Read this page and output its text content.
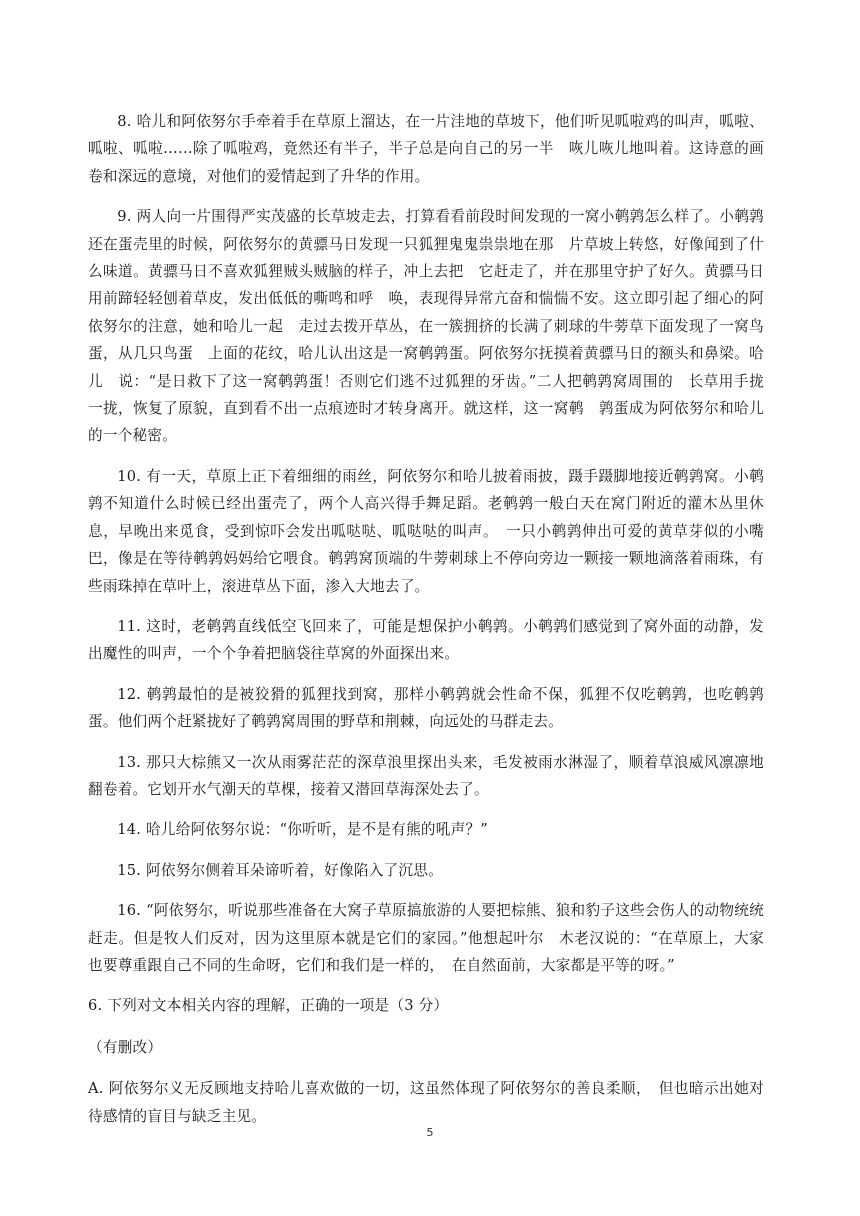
8. 哈儿和阿依努尔手牵着手在草原上溜达，在一片洼地的草坡下，他们听见呱啦鸡的叫声，呱啦、呱啦、呱啦……除了呱啦鸡，竟然还有半子，半子总是向自己的另一半　咴儿咴儿地叫着。这诗意的画卷和深远的意境，对他们的爱情起到了升华的作用。

9. 两人向一片围得严实茂盛的长草坡走去，打算看看前段时间发现的一窝小鹌鹑怎么样了。小鹌鹑还在蛋壳里的时候，阿依努尔的黄骠马日发现一只狐狸鬼鬼祟祟地在那　片草坡上转悠，好像闻到了什么味道。黄骠马日不喜欢狐狸贼头贼脑的样子，冲上去把　它赶走了，并在那里守护了好久。黄骠马日用前蹄轻轻刨着草皮，发出低低的嘶鸣和呼　唤，表现得异常亢奋和惴惴不安。这立即引起了细心的阿依努尔的注意，她和哈儿一起　走过去拨开草丛，在一簇拥挤的长满了刺球的牛蒡草下面发现了一窝鸟蛋，从几只鸟蛋　上面的花纹，哈儿认出这是一窝鹌鹑蛋。阿依努尔抚摸着黄骠马日的额头和鼻梁。哈儿　说：“是日救下了这一窝鹌鹑蛋！否则它们逃不过狐狸的牙齿。”二人把鹌鹑窝周围的　长草用手拢一拢，恢复了原貌，直到看不出一点痕迹时才转身离开。就这样，这一窝鹌　鹑蛋成为阿依努尔和哈儿的一个秘密。

10. 有一天，草原上正下着细细的雨丝，阿依努尔和哈儿披着雨披，蹑手蹑脚地接近鹌鹑窝。小鹌鹑不知道什么时候已经出蛋壳了，两个人高兴得手舞足蹈。老鹌鹑一般白天在窝门附近的灌木丛里休息，早晚出来觅食，受到惊吓会发出呱哒哒、呱哒哒的叫声。　一只小鹌鹑伸出可爱的黄草芽似的小嘴巴，像是在等待鹌鹑妈妈给它喂食。鹌鹑窝顶端的牛蒡刺球上不停向旁边一颗接一颗地滴落着雨珠，有些雨珠掉在草叶上，滚进草丛下面，渗入大地去了。

11. 这时，老鹌鹑直线低空飞回来了，可能是想保护小鹌鹑。小鹌鹑们感觉到了窝外面的动静，发出魔性的叫声，一个个争着把脑袋往草窝的外面探出来。

12. 鹌鹑最怕的是被狡猾的狐狸找到窝，那样小鹌鹑就会性命不保，狐狸不仅吃鹌鹑，也吃鹌鹑蛋。他们两个赶紧拢好了鹌鹑窝周围的野草和荆棘，向远处的马群走去。

13. 那只大棕熊又一次从雨雾茫茫的深草浪里探出头来，毛发被雨水淋湿了，顺着草浪威风凛凛地翻卷着。它划开水气潮天的草棵，接着又潜回草海深处去了。

14. 哈儿给阿依努尔说：“你听听，是不是有熊的吼声？”

15. 阿依努尔侧着耳朵谛听着，好像陷入了沉思。

16. “阿依努尔，听说那些准备在大窝子草原搞旅游的人要把棕熊、狼和豹子这些会伤人的动物统统赶走。但是牧人们反对，因为这里原本就是它们的家园。”他想起叶尔　木老汉说的：“在草原上，大家也要尊重跟自己不同的生命呀，它们和我们是一样的，　在自然面前，大家都是平等的呀。”

6. 下列对文本相关内容的理解，正确的一项是（3 分）

（有删改）

A. 阿依努尔义无反顾地支持哈儿喜欢做的一切，这虽然体现了阿依努尔的善良柔顺，　但也暗示出她对待感情的盲目与缺乏主见。

5
